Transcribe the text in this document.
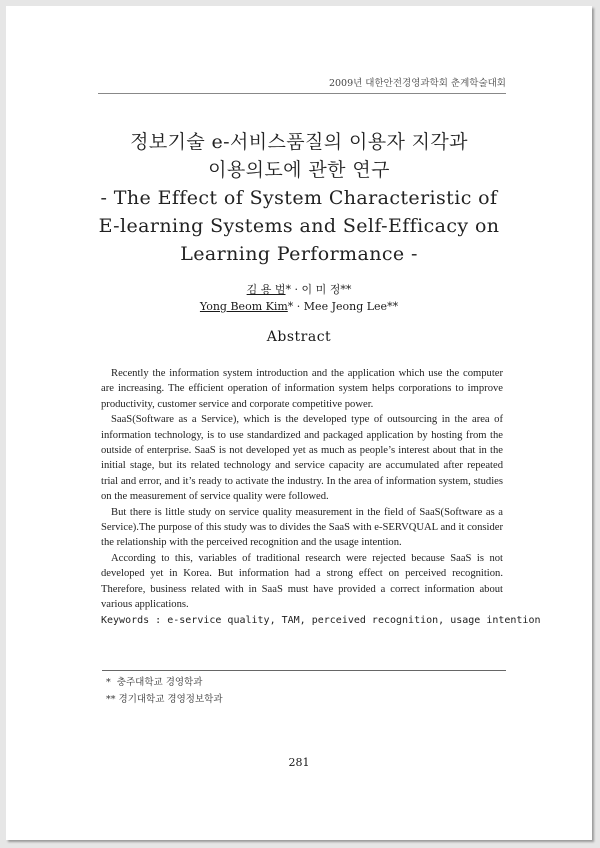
2009년 대한안전경영과학회 춘계학술대회
정보기술 e-서비스품질의 이용자 지각과
이용의도에 관한 연구
- The Effect of System Characteristic of
E-learning Systems and Self-Efficacy on
Learning Performance -
김 용 범* · 이 미 정**
Yong Beom Kim* · Mee Jeong Lee**
Abstract

Recently the information system introduction and the application which use the computer are increasing. The efficient operation of information system helps corporations to improve productivity, customer service and corporate competitive power.

SaaS(Software as a Service), which is the developed type of outsourcing in the area of information technology, is to use standardized and packaged application by hosting from the outside of enterprise. SaaS is not developed yet as much as people’s interest about that in the initial stage, but its related technology and service capacity are accumulated after repeated trial and error, and it’s ready to activate the industry. In the area of information system, studies on the measurement of service quality were followed.

But there is little study on service quality measurement in the field of SaaS(Software as a Service).The purpose of this study was to divides the SaaS with e-SERVQUAL and it consider the relationship with the perceived recognition and the usage intention.

According to this, variables of traditional research were rejected because SaaS is not developed yet in Korea. But information had a strong effect on perceived recognition. Therefore, business related with in SaaS must have provided a correct information about various applications.

Keywords : e-service quality, TAM, perceived recognition, usage intention

* 충주대학교 경영학과
** 경기대학교 경영정보학과
281
